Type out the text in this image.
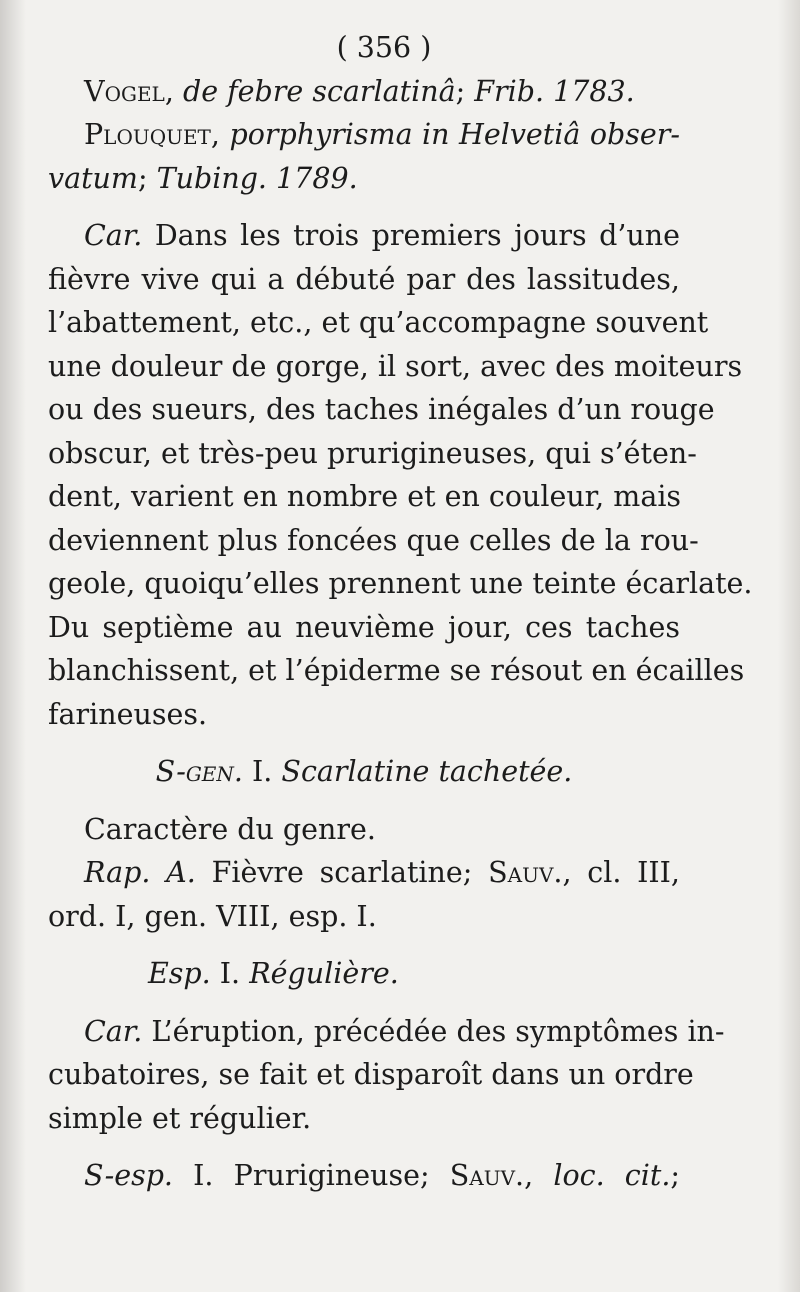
( 356 )
Vogel, de febre scarlatinâ; Frib. 1783.
Plouquet, porphyrisma in Helvetiâ obser-
vatum; Tubing. 1789.
Car. Dans les trois premiers jours d’une
fièvre vive qui a débuté par des lassitudes,
l’abattement, etc., et qu’accompagne souvent
une douleur de gorge, il sort, avec des moiteurs
ou des sueurs, des taches inégales d’un rouge
obscur, et très-peu prurigineuses, qui s’éten-
dent, varient en nombre et en couleur, mais
deviennent plus foncées que celles de la rou-
geole, quoiqu’elles prennent une teinte écarlate.
Du septième au neuvième jour, ces taches
blanchissent, et l’épiderme se résout en écailles
farineuses.
S-gen. I. Scarlatine tachetée.
Caractère du genre.
Rap. A. Fièvre scarlatine; Sauv., cl. III,
ord. I, gen. VIII, esp. I.
Esp. I. Régulière.
Car. L’éruption, précédée des symptômes in-
cubatoires, se fait et disparoît dans un ordre
simple et régulier.
S-esp. I. Prurigineuse; Sauv., loc. cit.;
